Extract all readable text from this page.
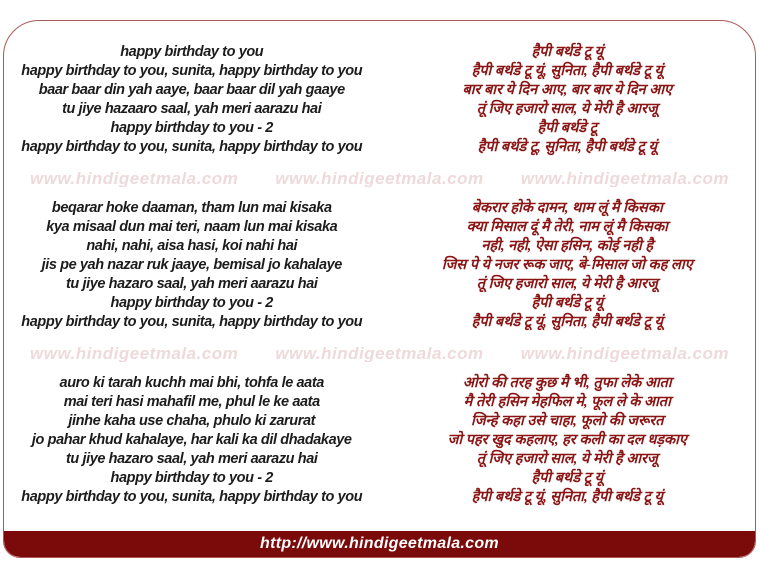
happy birthday to you
happy birthday to you, sunita, happy birthday to you
baar baar din yah aaye, baar baar dil yah gaaye
tu jiye hazaaro saal, yah meri aarazu hai
happy birthday to you - 2
happy birthday to you, sunita, happy birthday to you
हैपी बर्थडे टू यूं
हैपी बर्थडे टू यूं, सुनिता, हैपी बर्थडे टू यूं
बार बार ये दिन आए, बार बार ये दिन आए
तूं जिए हजारो साल, ये मेरी है आरजू
हैपी बर्थडे टू
हैपी बर्थडे टू, सुनिता, हैपी बर्थडे टू यूं
www.hindigeetmala.com www.hindigeetmala.com www.hindigeetmala.com
beqarar hoke daaman, tham lun mai kisaka
kya misaal dun mai teri, naam lun mai kisaka
nahi, nahi, aisa hasi, koi nahi hai
jis pe yah nazar ruk jaaye, bemisal jo kahalaye
tu jiye hazaro saal, yah meri aarazu hai
happy birthday to you - 2
happy birthday to you, sunita, happy birthday to you
बेकरार होके दामन, थाम लूं मै किसका
क्या मिसाल दूं मै तेरी, नाम लूं मै किसका
नही, नही, ऐसा हसिन, कोई नही है
जिस पे ये नजर रूक जाए, बे-मिसाल जो कह लाए
तूं जिए हजारो साल, ये मेरी है आरजू
हैपी बर्थडे टू यूं
हैपी बर्थडे टू यूं, सुनिता, हैपी बर्थडे टू यूं
www.hindigeetmala.com www.hindigeetmala.com www.hindigeetmala.com
auro ki tarah kuchh mai bhi, tohfa le aata
mai teri hasi mahafil me, phul le ke aata
jinhe kaha use chaha, phulo ki zarurat
jo pahar khud kahalaye, har kali ka dil dhadakaye
tu jiye hazaro saal, yah meri aarazu hai
happy birthday to you - 2
happy birthday to you, sunita, happy birthday to you
ओरो की तरह कुछ मै भी, तुफा लेके आता
मै तेरी हसिन मेहफिल मे, फूल ले के आता
जिन्हे कहा उसे चाहा, फूलो की जरूरत
जो पहर खुद कहलाए, हर कली का दल धड़काए
तूं जिए हजारो साल, ये मेरी है आरजू
हैपी बर्थडे टू यूं
हैपी बर्थडे टू यूं, सुनिता, हैपी बर्थडे टू यूं
http://www.hindigeetmala.com
